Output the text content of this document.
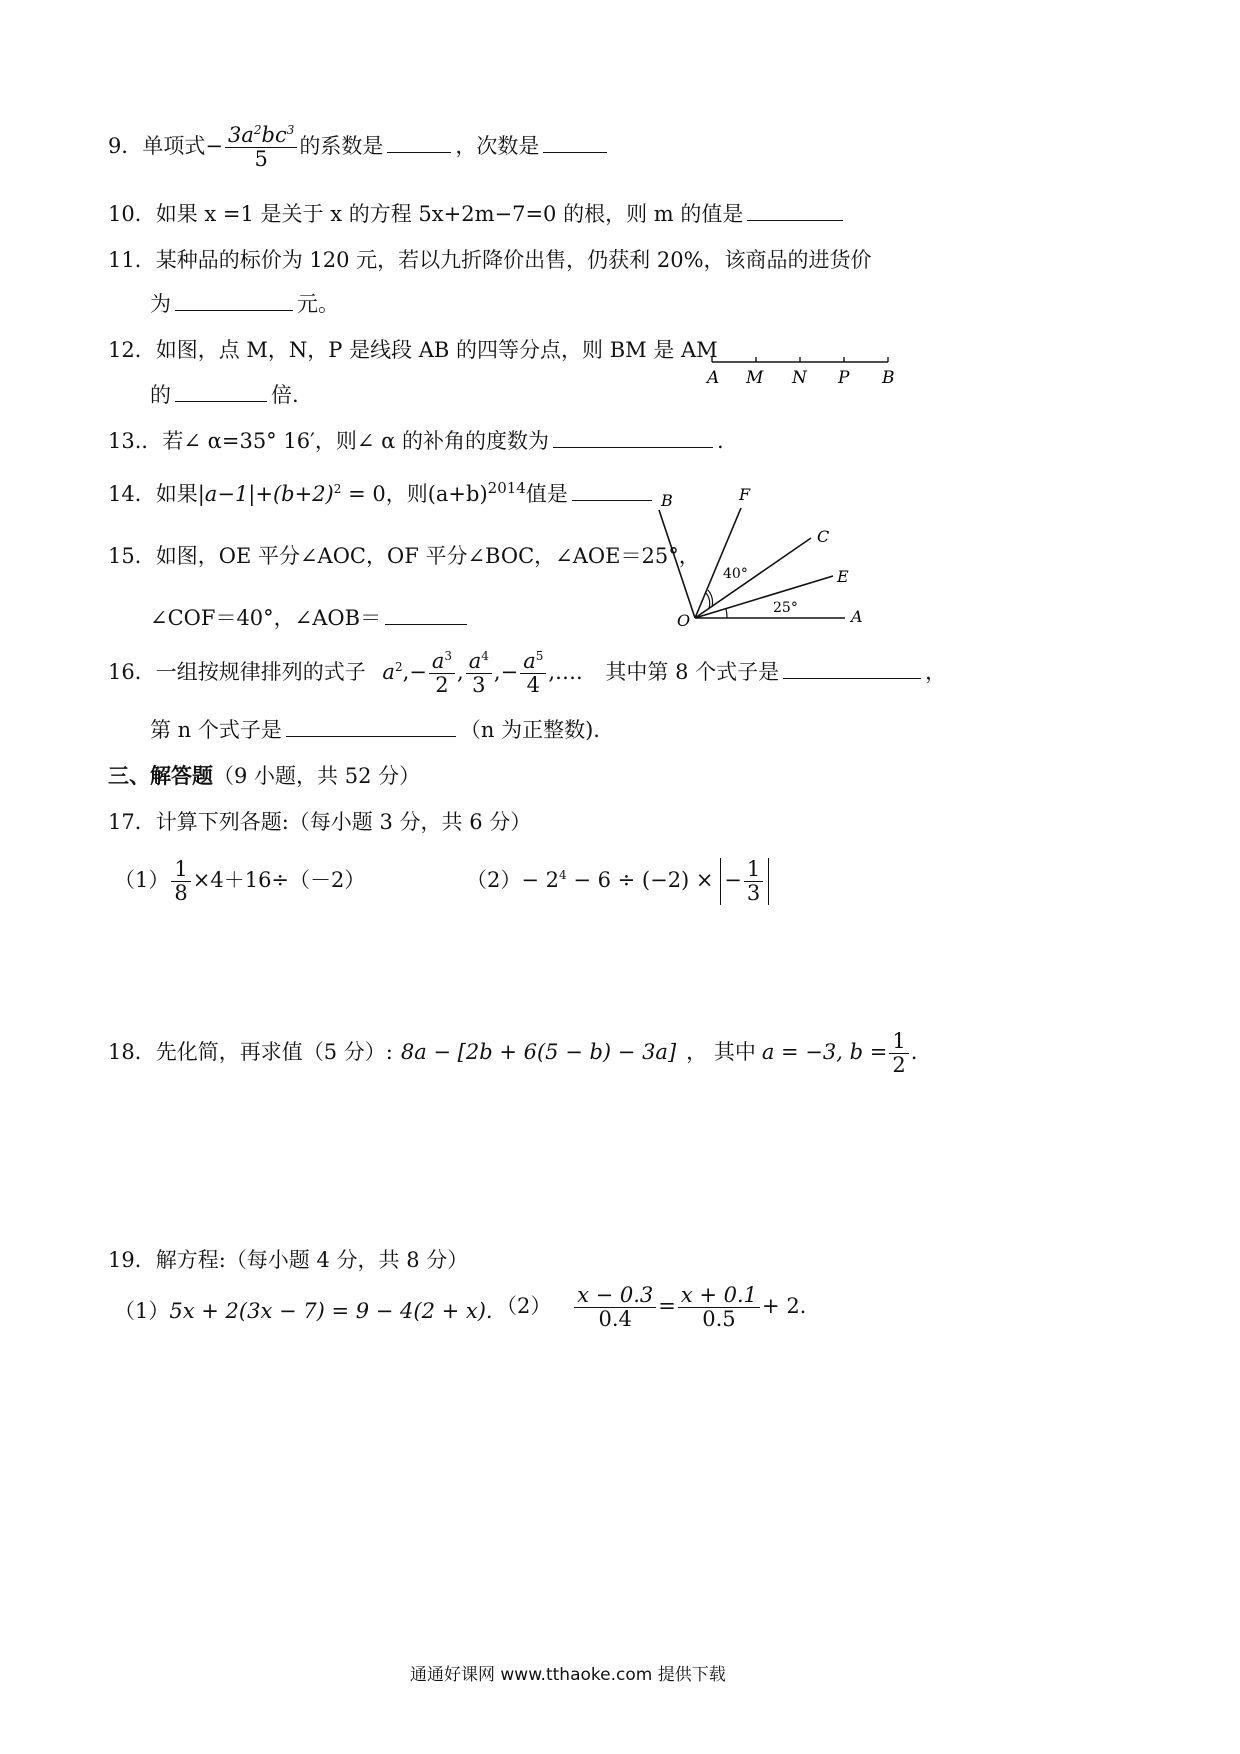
9．单项式− $\frac{3a^2bc^3}{5}$ 的系数是	，次数是
10．如果 x =1 是关于 x 的方程 5x+2m−7=0 的根，则 m 的值是
11．某种品的标价为 120 元，若以九折降价出售，仍获利 20%，该商品的进货价
为	元。
12．如图，点 M，N，P 是线段 AB 的四等分点，则 BM 是 AM
的	倍.
A M N P B
13.．若∠ α=35° 16′，则∠ α 的补角的度数为	.
14．如果$|a-1|+(b+2)^2 = 0$，则$(a+b)^{2014}$值是
15．如图，OE 平分∠AOC，OF 平分∠BOC，∠AOE＝25°，
∠COF＝40°，∠AOB＝	O	A
B
C
E
F
40°
25°
16．一组按规律排列的式子 $a^2,- \frac{a^3}{2}$ , $\frac{a^4}{3}$ ,− $\frac{a^5}{4}$ ,…. 其中第 8 个式子是	，
第 n 个式子是	（n 为正整数).
三、解答题（9 小题，共 52 分）
17．计算下列各题:（每小题 3 分，共 6 分）
$(1) \frac{1}{8} \times 4+16\div(-2)$	$(2)- 2^4 - 6 \div (-2)$ × − $\frac{1}{3}$
18．先化简，再求值（5 分）: 8a − [2b + 6(5 − b) − 3a] ， 其中 a = −3, $b = \frac{1}{2}$ .
19．解方程:（每小题 4 分，共 8 分）
（1）5x + 2(3x − 7) = 9 − 4(2 + x). $(2) \frac{x - 0.3}{0.4} = \frac{x + 0.1}{0.5} + 2$.
通通好课网 www.tthaoke.com 提供下载
